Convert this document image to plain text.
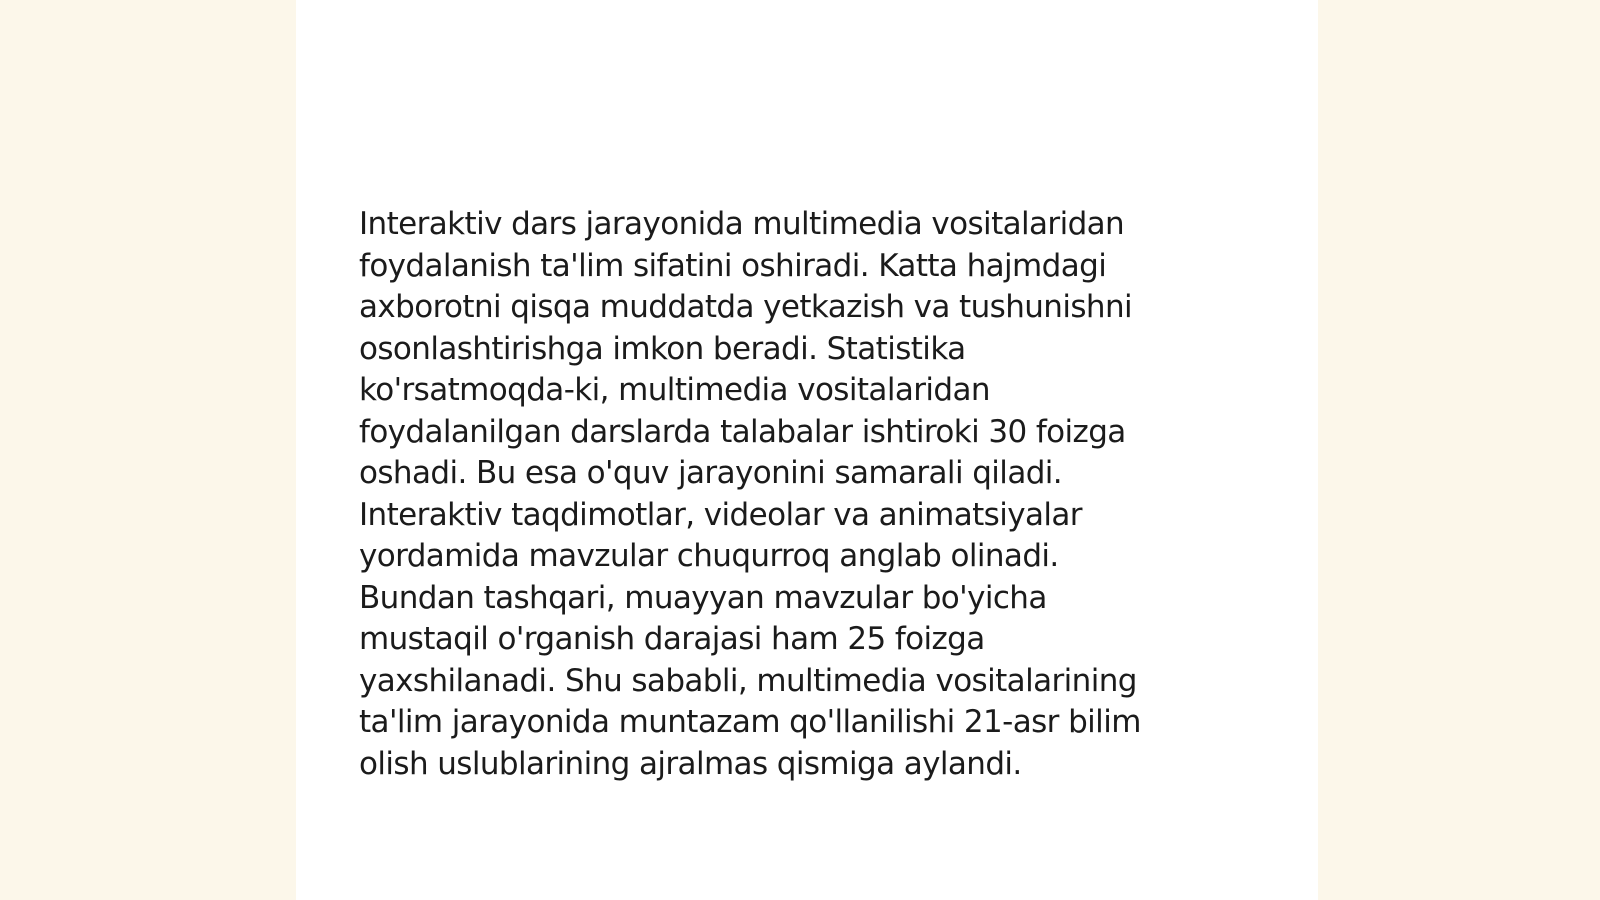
Interaktiv dars jarayonida multimedia vositalaridan
foydalanish ta'lim sifatini oshiradi. Katta hajmdagi
axborotni qisqa muddatda yetkazish va tushunishni
osonlashtirishga imkon beradi. Statistika
ko'rsatmoqda-ki, multimedia vositalaridan
foydalanilgan darslarda talabalar ishtiroki 30 foizga
oshadi. Bu esa o'quv jarayonini samarali qiladi.
Interaktiv taqdimotlar, videolar va animatsiyalar
yordamida mavzular chuqurroq anglab olinadi.
Bundan tashqari, muayyan mavzular bo'yicha
mustaqil o'rganish darajasi ham 25 foizga
yaxshilanadi. Shu sababli, multimedia vositalarining
ta'lim jarayonida muntazam qo'llanilishi 21-asr bilim
olish uslublarining ajralmas qismiga aylandi.
